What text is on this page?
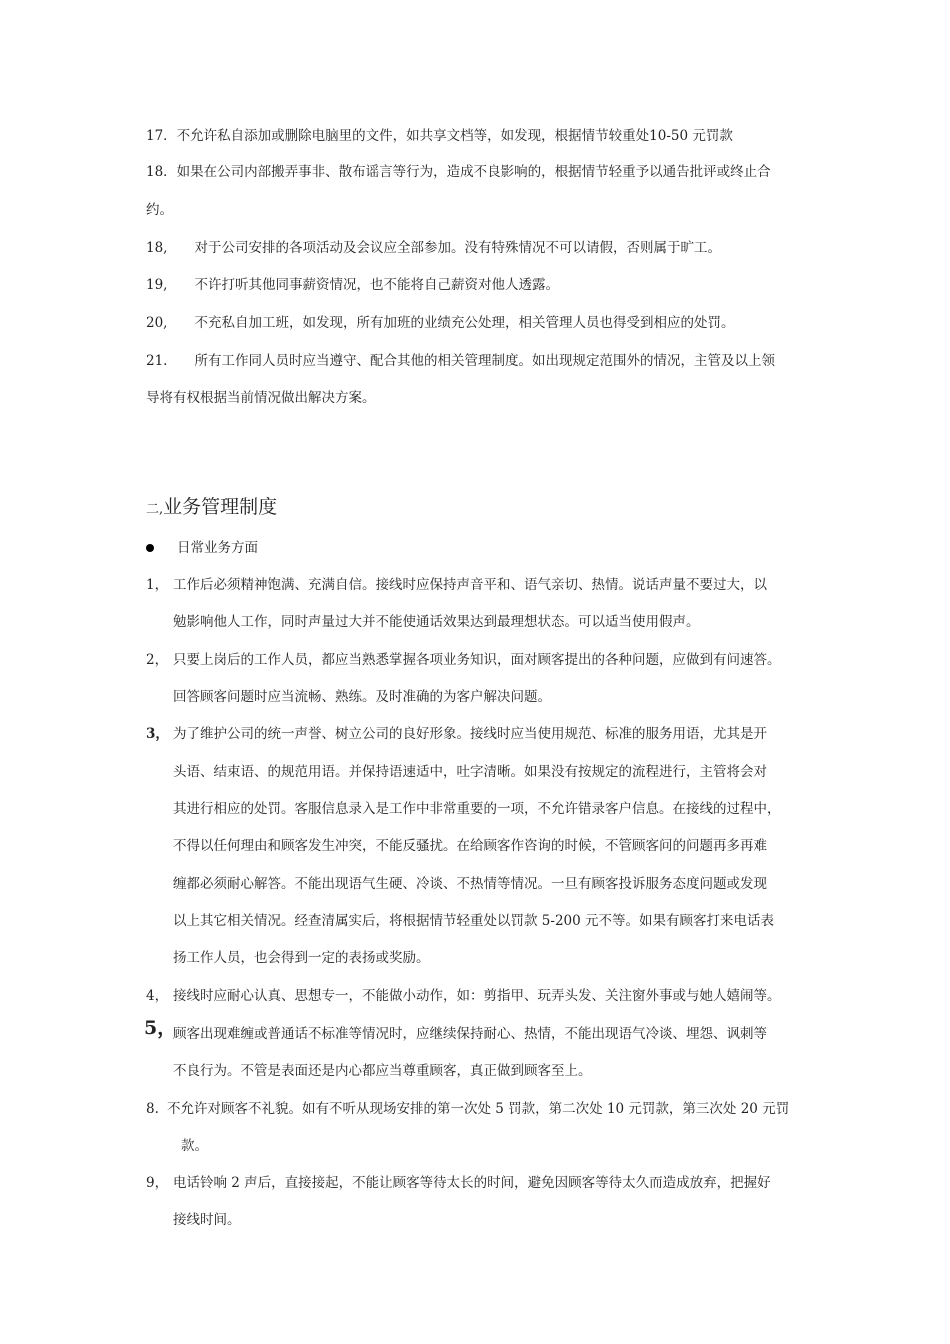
17．不允许私自添加或删除电脑里的文件，如共享文档等，如发现，根据情节较重处10-50 元罚款
18．如果在公司内部搬弄事非、散布谣言等行为，造成不良影响的，根据情节轻重予以通告批评或终止合
约。
18,　　对于公司安排的各项活动及会议应全部参加。没有特殊情况不可以请假，否则属于旷工。
19,　　不许打听其他同事薪资情况，也不能将自己薪资对他人透露。
20,　　不充私自加工班，如发现，所有加班的业绩充公处理，相关管理人员也得受到相应的处罚。
21.　　所有工作同人员时应当遵守、配合其他的相关管理制度。如出现规定范围外的情况，主管及以上领
导将有权根据当前情况做出解决方案。
二,业务管理制度
日常业务方面
1， 工作后必须精神饱满、充满自信。接线时应保持声音平和、语气亲切、热情。说话声量不要过大，以
勉影响他人工作，同时声量过大并不能使通话效果达到最理想状态。可以适当使用假声。
2， 只要上岗后的工作人员，都应当熟悉掌握各项业务知识，面对顾客提出的各种问题，应做到有问速答。
回答顾客问题时应当流畅、熟练。及时准确的为客户解决问题。
3， 为了维护公司的统一声誉、树立公司的良好形象。接线时应当使用规范、标准的服务用语，尤其是开
头语、结束语、的规范用语。并保持语速适中，吐字清晰。如果没有按规定的流程进行，主管将会对
其进行相应的处罚。客服信息录入是工作中非常重要的一项，不允许错录客户信息。在接线的过程中，
不得以任何理由和顾客发生冲突，不能反骚扰。在给顾客作咨询的时候，不管顾客问的问题再多再难
缠都必须耐心解答。不能出现语气生硬、冷谈、不热情等情况。一旦有顾客投诉服务态度问题或发现
以上其它相关情况。经查清属实后，将根据情节轻重处以罚款 5-200 元不等。如果有顾客打来电话表
扬工作人员，也会得到一定的表扬或奖励。
4， 接线时应耐心认真、思想专一，不能做小动作，如：剪指甲、玩弄头发、关注窗外事或与她人嬉闹等。
5，
顾客出现难缠或普通话不标准等情况时，应继续保持耐心、热情，不能出现语气冷谈、埋怨、讽刺等
不良行为。不管是表面还是内心都应当尊重顾客，真正做到顾客至上。
8. 不允许对顾客不礼貌。如有不听从现场安排的第一次处 5 罚款，第二次处 10 元罚款，第三次处 20 元罚
款。
9， 电话铃响 2 声后，直接接起，不能让顾客等待太长的时间，避免因顾客等待太久而造成放弃，把握好
接线时间。
